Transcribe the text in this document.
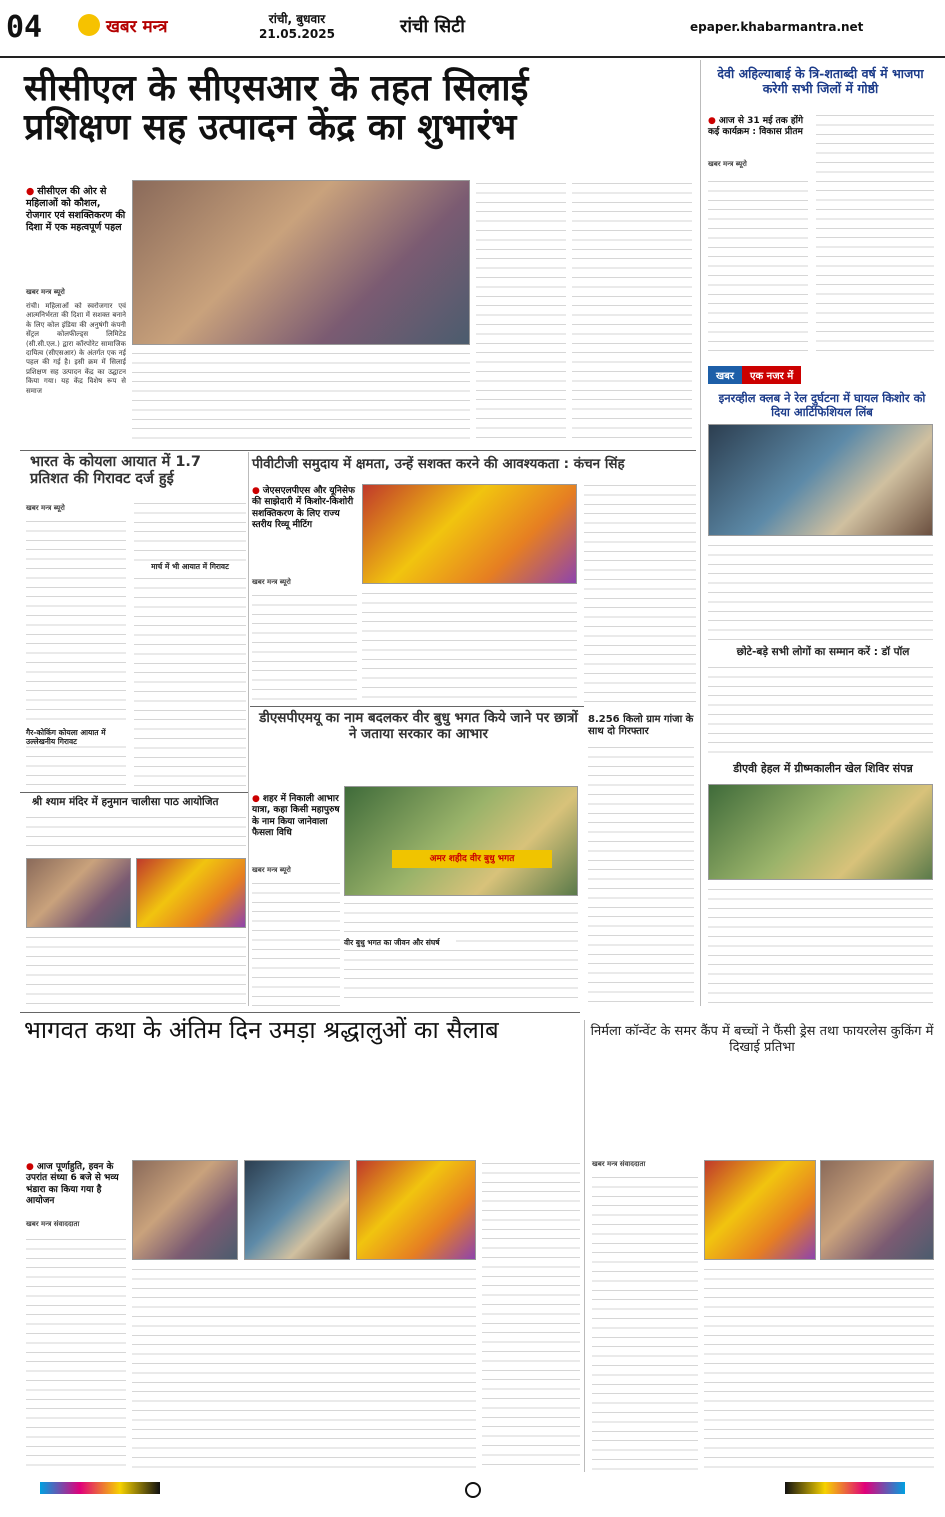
04	खबर मन्त्र	रांची, बुधवार
21.05.2025	रांची सिटी	epaper.khabarmantra.net
सीसीएल के सीएसआर के तहत सिलाई
प्रशिक्षण सह उत्पादन केंद्र का शुभारंभ
● सीसीएल की ओर से महिलाओं को कौशल, रोजगार एवं सशक्तिकरण की दिशा में एक महत्वपूर्ण पहल
खबर मन्त्र ब्यूरो
रांची। महिलाओं को स्वरोजगार एवं आत्मनिर्भरता की दिशा में सशक्त बनाने के लिए कोल इंडिया की अनुषंगी कंपनी सेंट्रल कोलफील्ड्स लिमिटेड (सी.सी.एल.) द्वारा कॉरपोरेट सामाजिक दायित्व (सीएसआर) के अंतर्गत एक नई पहल की गई है। इसी क्रम में सिलाई प्रशिक्षण सह उत्पादन केंद्र का उद्घाटन किया गया। यह केंद्र विशेष रूप से समाज
देवी अहिल्याबाई के त्रि-शताब्दी वर्ष में भाजपा करेगी सभी जिलों में गोष्ठी
● आज से 31 मई तक होंगे कई कार्यक्रम : विकास प्रीतम
खबर मन्त्र ब्यूरो
खबर	एक नजर में
इनरव्हील क्लब ने रेल दुर्घटना में घायल किशोर को दिया आर्टिफिशियल लिंब
छोटे-बड़े सभी लोगों का सम्मान करें : डॉ पॉल
डीएवी हेहल में ग्रीष्मकालीन खेल शिविर संपन्न
भारत के कोयला आयात में 1.7 प्रतिशत की गिरावट दर्ज हुई
खबर मन्त्र ब्यूरो
मार्च में भी आयात में गिरावट
गैर-कोकिंग कोयला आयात में उल्लेखनीय गिरावट
पीवीटीजी समुदाय में क्षमता, उन्हें सशक्त करने की आवश्यकता : कंचन सिंह
● जेएसएलपीएस और यूनिसेफ की साझेदारी में किशोर-किशोरी सशक्तिकरण के लिए राज्य स्तरीय रिव्यू मीटिंग
खबर मन्त्र ब्यूरो
8.256 किलो ग्राम गांजा के साथ दो गिरफ्तार
श्री श्याम मंदिर में हनुमान चालीसा पाठ आयोजित
डीएसपीएमयू का नाम बदलकर वीर बुधु भगत किये जाने पर छात्रों ने जताया सरकार का आभार
● शहर में निकाली आभार यात्रा, कहा किसी महापुरुष के नाम किया जानेवाला फैसला विधि
खबर मन्त्र ब्यूरो
अमर शहीद वीर बुधु भगत
वीर बुधु भगत का जीवन और संघर्ष
भागवत कथा के अंतिम दिन उमड़ा श्रद्धालुओं का सैलाब
● आज पूर्णाहुति, हवन के उपरांत संध्या 6 बजे से भव्य भंडारा का किया गया है आयोजन
खबर मन्त्र संवाददाता
निर्मला कॉन्वेंट के समर कैंप में बच्चों ने फैंसी ड्रेस तथा फायरलेस कुकिंग में दिखाई प्रतिभा
खबर मन्त्र संवाददाता
